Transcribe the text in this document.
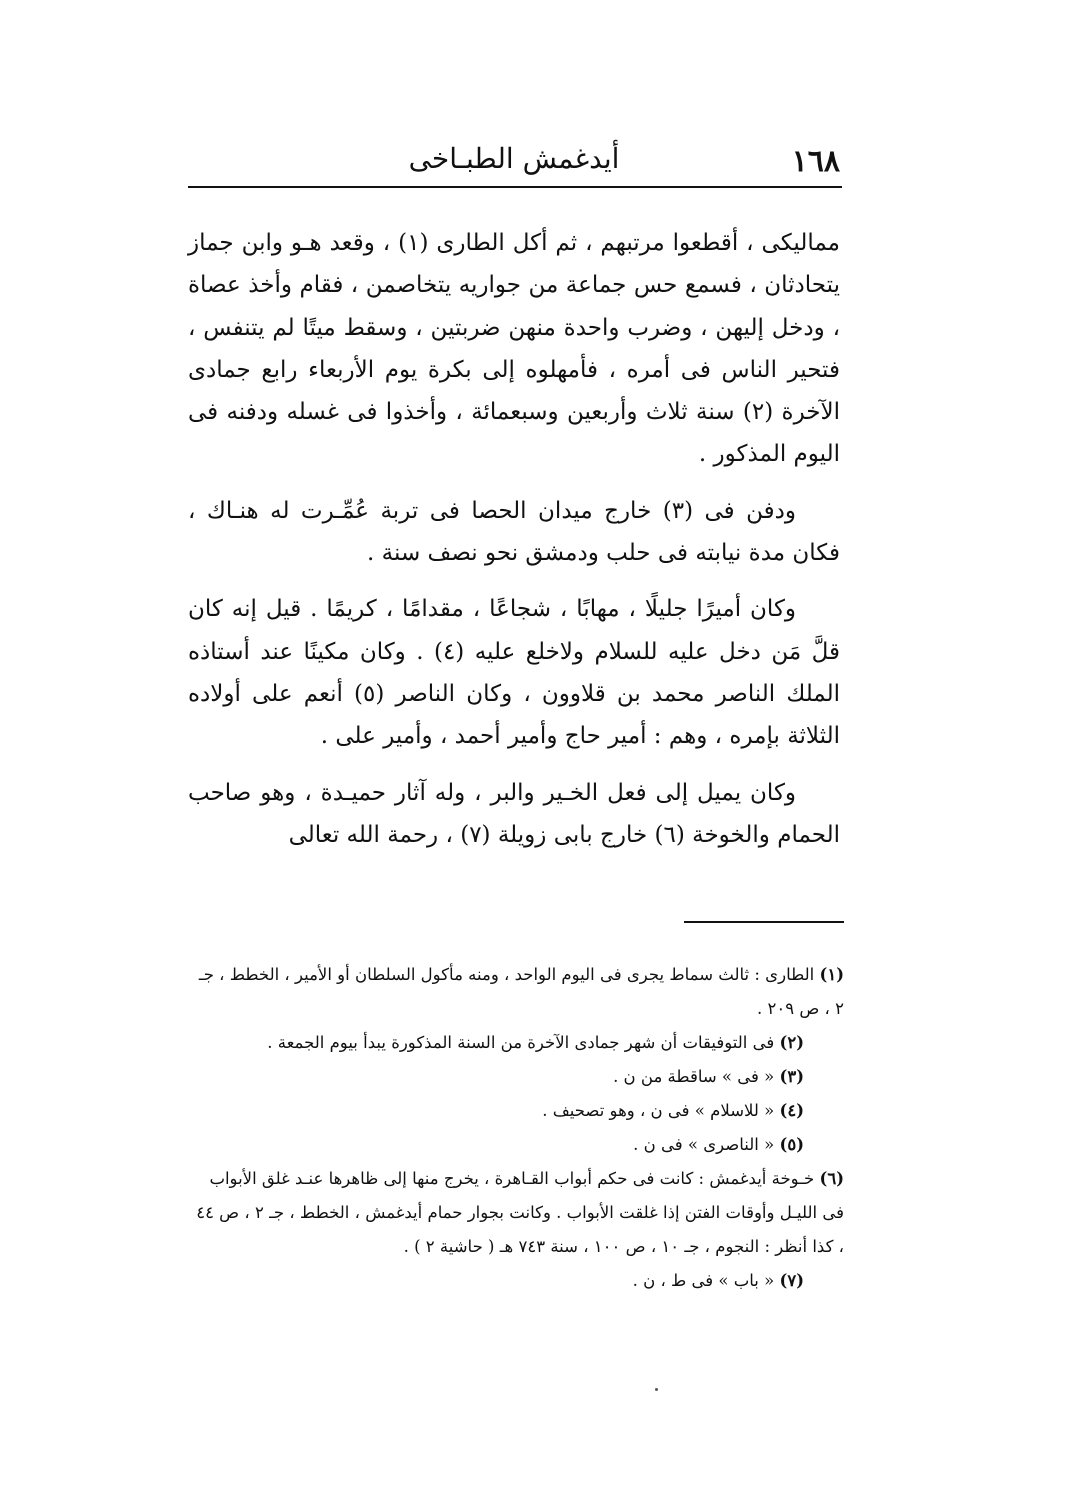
١٦٨
أيدغمش الطبـاخى

مماليكى ، أقطعوا مرتبهم ، ثم أكل الطارى (١) ، وقعد هـو وابن جماز يتحادثان ، فسمع حس جماعة من جواريه يتخاصمن ، فقام وأخذ عصاة ، ودخل إليهن ، وضرب واحدة منهن ضربتين ، وسقط ميتًا لم يتنفس ، فتحير الناس فى أمره ، فأمهلوه إلى بكرة يوم الأربعاء رابع جمادى الآخرة (٢) سنة ثلاث وأربعين وسبعمائة ، وأخذوا فى غسله ودفنه فى اليوم المذكور .

ودفن فى (٣) خارج ميدان الحصا فى تربة عُمِّـرت له هنـاك ، فكان مدة نيابته فى حلب ودمشق نحو نصف سنة .

وكان أميرًا جليلًا ، مهابًا ، شجاعًا ، مقدامًا ، كريمًا . قيل إنه كان قلَّ مَن دخل عليه للسلام ولاخلع عليه (٤) . وكان مكينًا عند أستاذه الملك الناصر محمد بن قلاوون ، وكان الناصر (٥) أنعم على أولاده الثلاثة بإمره ، وهم : أمير حاج وأمير أحمد ، وأمير على .

وكان يميل إلى فعل الخـير والبر ، وله آثار حميـدة ، وهو صاحب الحمام والخوخة (٦) خارج بابى زويلة (٧) ، رحمة الله تعالى

(١) الطارى : ثالث سماط يجرى فى اليوم الواحد ، ومنه مأكول السلطان أو الأمير ، الخطط ، جـ ٢ ، ص ٢٠٩ .

(٢) فى التوفيقات أن شهر جمادى الآخرة من السنة المذكورة يبدأ بيوم الجمعة .

(٣) « فى » ساقطة من ن .

(٤) « للاسلام » فى ن ، وهو تصحيف .

(٥) « الناصرى » فى ن .

(٦) خـوخة أيدغمش : كانت فى حكم أبواب القـاهرة ، يخرج منها إلى ظاهرها عنـد غلق الأبواب فى الليـل وأوقات الفتن إذا غلقت الأبواب . وكانت بجوار حمام أيدغمش ، الخطط ، جـ ٢ ، ص ٤٤ ، كذا أنظر : النجوم ، جـ ١٠ ، ص ١٠٠ ، سنة ٧٤٣ هـ ( حاشية ٢ ) .

(٧) « باب » فى ط ، ن .
